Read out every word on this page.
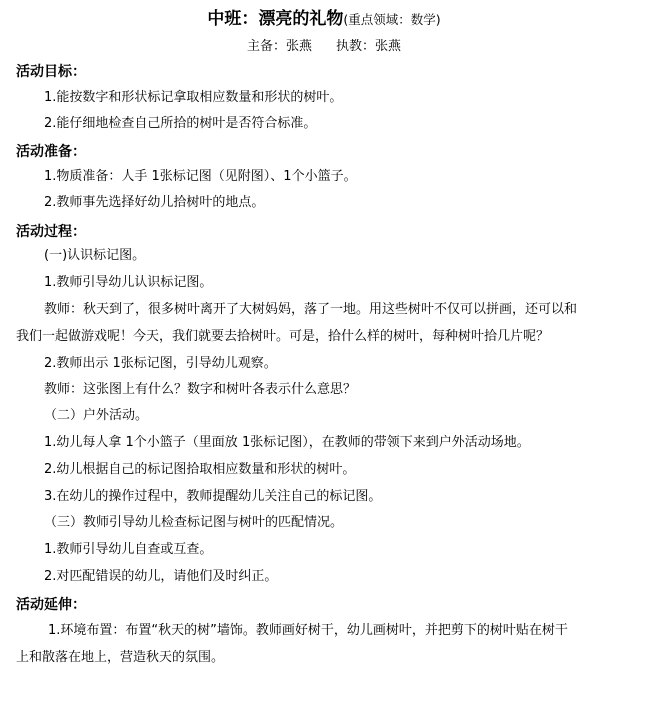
中班：漂亮的礼物(重点领域：数学)
主备：张燕 执教：张燕
活动目标：
1.能按数字和形状标记拿取相应数量和形状的树叶。
2.能仔细地检查自己所拾的树叶是否符合标准。
活动准备：
1.物质准备：人手 1张标记图（见附图）、1个小篮子。
2.教师事先选择好幼儿拾树叶的地点。
活动过程：
(一)认识标记图。
1.教师引导幼儿认识标记图。
教师：秋天到了，很多树叶离开了大树妈妈，落了一地。用这些树叶不仅可以拼画，还可以和
我们一起做游戏呢！今天，我们就要去拾树叶。可是，拾什么样的树叶，每种树叶拾几片呢？
2.教师出示 1张标记图，引导幼儿观察。
教师：这张图上有什么？数字和树叶各表示什么意思？
（二）户外活动。
1.幼儿每人拿 1个小篮子（里面放 1张标记图），在教师的带领下来到户外活动场地。
2.幼儿根据自己的标记图拾取相应数量和形状的树叶。
3.在幼儿的操作过程中，教师提醒幼儿关注自己的标记图。
（三）教师引导幼儿检查标记图与树叶的匹配情况。
1.教师引导幼儿自查或互查。
2.对匹配错误的幼儿，请他们及时纠正。
活动延伸：
1.环境布置：布置“秋天的树”墙饰。教师画好树干，幼儿画树叶，并把剪下的树叶贴在树干
上和散落在地上，营造秋天的氛围。
